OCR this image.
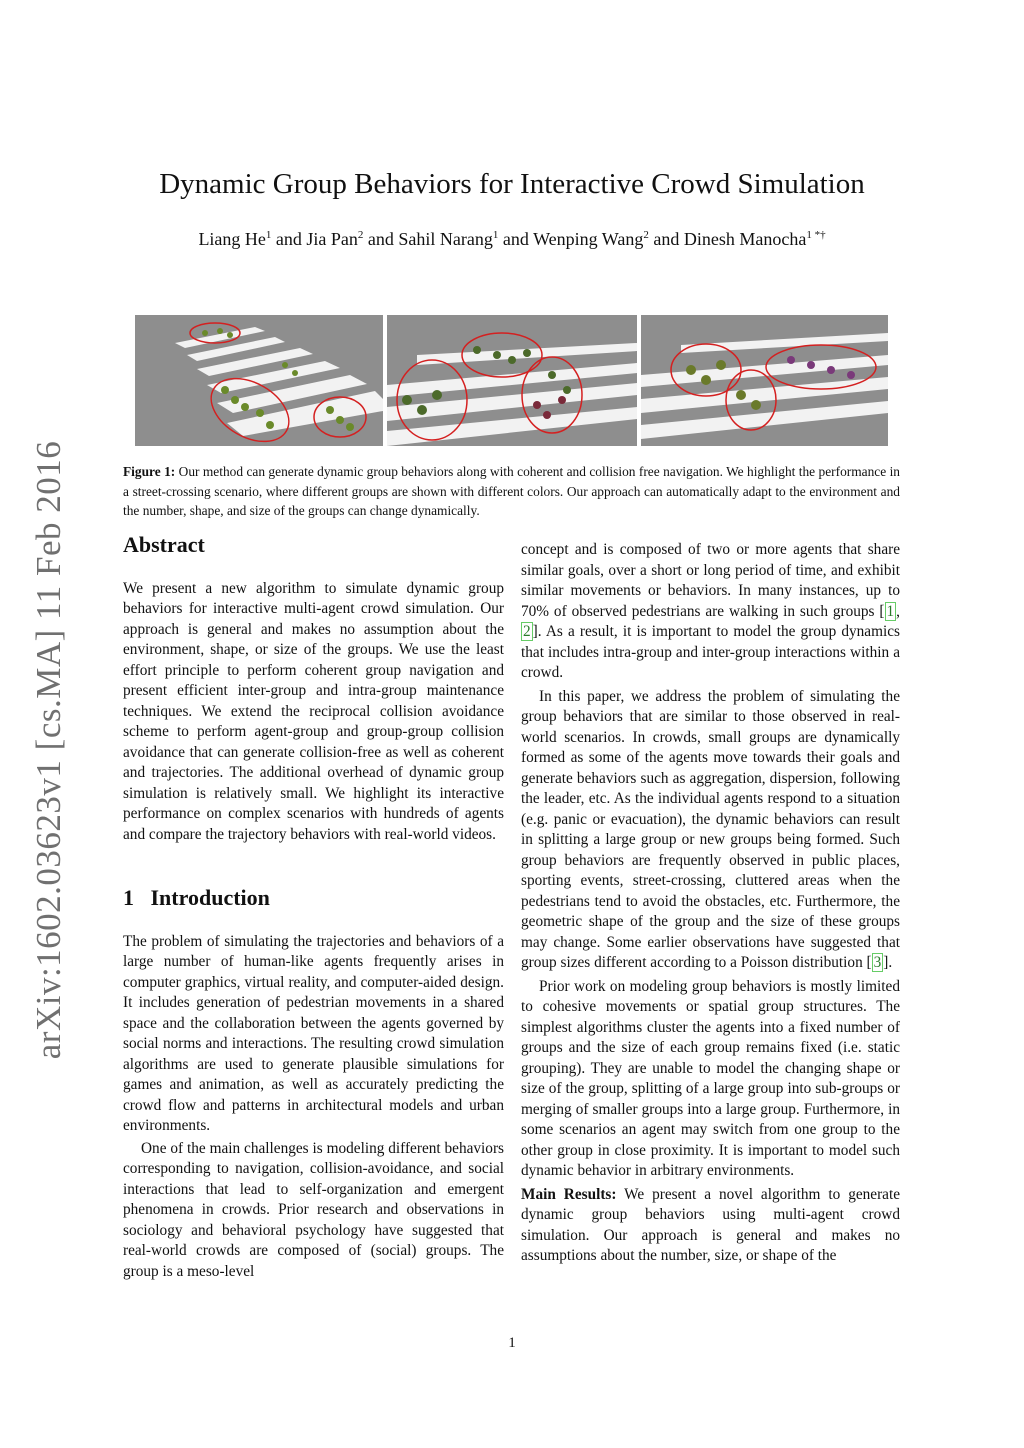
arXiv:1602.03623v1 [cs.MA] 11 Feb 2016
Dynamic Group Behaviors for Interactive Crowd Simulation
Liang He$^1$ and Jia Pan$^2$ and Sahil Narang$^1$ and Wenping Wang$^2$ and Dinesh Manocha$^{1 *\dagger}$
Figure 1: Our method can generate dynamic group behaviors along with coherent and collision free navigation. We highlight the performance in a street-crossing scenario, where different groups are shown with different colors. Our approach can automatically adapt to the environment and the number, shape, and size of the groups can change dynamically.
Abstract

We present a new algorithm to simulate dynamic group behaviors for interactive multi-agent crowd simulation. Our approach is general and makes no assumption about the environment, shape, or size of the groups. We use the least effort principle to perform coherent group navigation and present efficient inter-group and intra-group maintenance techniques. We extend the reciprocal collision avoidance scheme to perform agent-group and group-group collision avoidance that can generate collision-free as well as coherent and trajectories. The additional overhead of dynamic group simulation is relatively small. We highlight its interactive performance on complex scenarios with hundreds of agents and compare the trajectory behaviors with real-world videos.

1 Introduction

The problem of simulating the trajectories and behaviors of a large number of human-like agents frequently arises in computer graphics, virtual reality, and computer-aided design. It includes generation of pedestrian movements in a shared space and the collaboration between the agents governed by social norms and interactions. The resulting crowd simulation algorithms are used to generate plausible simulations for games and animation, as well as accurately predicting the crowd flow and patterns in architectural models and urban environments.

One of the main challenges is modeling different behaviors corresponding to navigation, collision-avoidance, and social interactions that lead to self-organization and emergent phenomena in crowds. Prior research and observations in sociology and behavioral psychology have suggested that real-world crowds are composed of (social) groups. The group is a meso-level

concept and is composed of two or more agents that share similar goals, over a short or long period of time, and exhibit similar movements or behaviors. In many instances, up to 70% of observed pedestrians are walking in such groups [ 1 , 2 ]. As a result, it is important to model the group dynamics that includes intra-group and inter-group interactions within a crowd.

In this paper, we address the problem of simulating the group behaviors that are similar to those observed in real-world scenarios. In crowds, small groups are dynamically formed as some of the agents move towards their goals and generate behaviors such as aggregation, dispersion, following the leader, etc. As the individual agents respond to a situation (e.g. panic or evacuation), the dynamic behaviors can result in splitting a large group or new groups being formed. Such group behaviors are frequently observed in public places, sporting events, street-crossing, cluttered areas when the pedestrians tend to avoid the obstacles, etc. Furthermore, the geometric shape of the group and the size of these groups may change. Some earlier observations have suggested that group sizes different according to a Poisson distribution [ 3 ].

Prior work on modeling group behaviors is mostly limited to cohesive movements or spatial group structures. The simplest algorithms cluster the agents into a fixed number of groups and the size of each group remains fixed (i.e. static grouping). They are unable to model the changing shape or size of the group, splitting of a large group into sub-groups or merging of smaller groups into a large group. Furthermore, in some scenarios an agent may switch from one group to the other group in close proximity. It is important to model such dynamic behavior in arbitrary environments.

Main Results: We present a novel algorithm to generate dynamic group behaviors using multi-agent crowd simulation. Our approach is general and makes no assumptions about the number, size, or shape of the

1
